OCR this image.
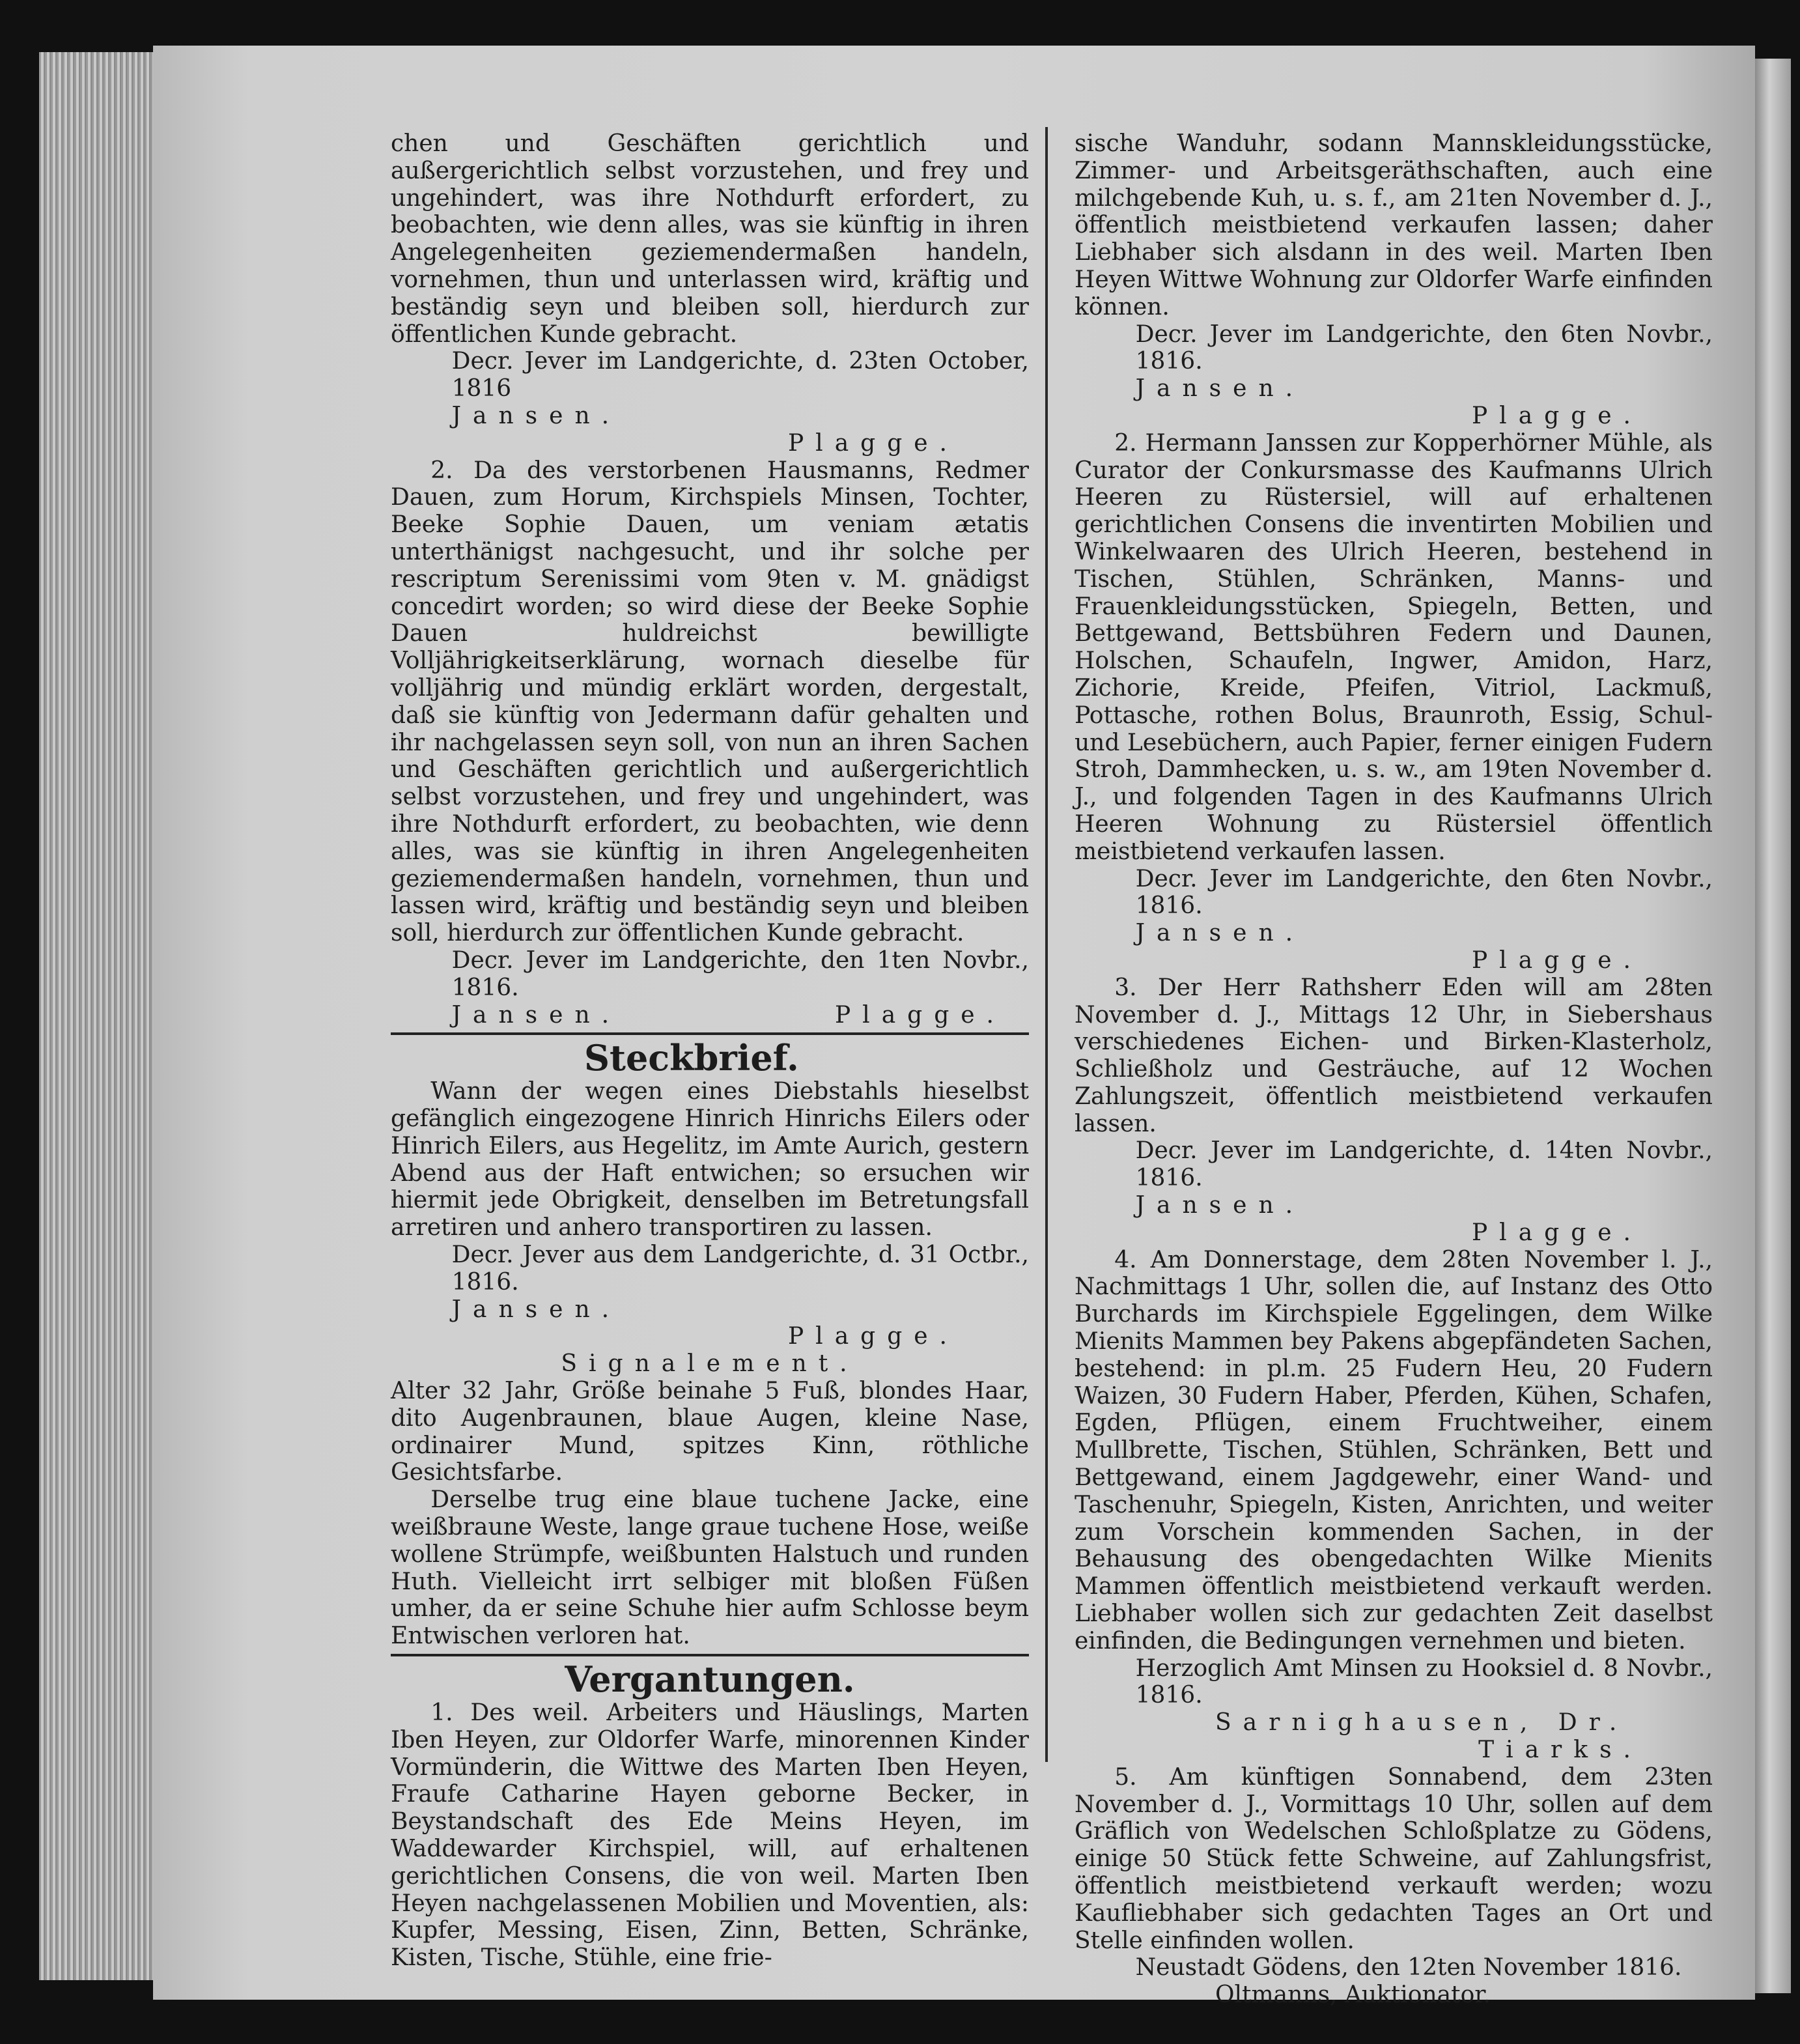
chen und Geschäften gerichtlich und außergerichtlich selbst vorzustehen, und frey und ungehindert, was ihre Nothdurft erfordert, zu beobachten, wie denn alles, was sie künftig in ihren Angelegenheiten geziemendermaßen handeln, vornehmen, thun und unterlassen wird, kräftig und beständig seyn und bleiben soll, hierdurch zur öffentlichen Kunde gebracht.

Decr. Jever im Landgerichte, d. 23ten October, 1816

Jansen.

Plagge.

2. Da des verstorbenen Hausmanns, Redmer Dauen, zum Horum, Kirchspiels Minsen, Tochter, Beeke Sophie Dauen, um veniam ætatis unterthänigst nachgesucht, und ihr solche per rescriptum Serenissimi vom 9ten v. M. gnädigst concedirt worden; so wird diese der Beeke Sophie Dauen huldreichst bewilligte Volljährigkeitserklärung, wornach dieselbe für volljährig und mündig erklärt worden, dergestalt, daß sie künftig von Jedermann dafür gehalten und ihr nachgelassen seyn soll, von nun an ihren Sachen und Geschäften gerichtlich und außergerichtlich selbst vorzustehen, und frey und ungehindert, was ihre Nothdurft erfordert, zu beobachten, wie denn alles, was sie künftig in ihren Angelegenheiten geziemendermaßen handeln, vornehmen, thun und lassen wird, kräftig und beständig seyn und bleiben soll, hierdurch zur öffentlichen Kunde gebracht.

Decr. Jever im Landgerichte, den 1ten Novbr., 1816.

Jansen.	Plagge.
Steckbrief.

Wann der wegen eines Diebstahls hieselbst gefänglich eingezogene Hinrich Hinrichs Eilers oder Hinrich Eilers, aus Hegelitz, im Amte Aurich, gestern Abend aus der Haft entwichen; so ersuchen wir hiermit jede Obrigkeit, denselben im Betretungsfall arretiren und anhero transportiren zu lassen.

Decr. Jever aus dem Landgerichte, d. 31 Octbr., 1816.

Jansen.

Plagge.

Signalement.

Alter 32 Jahr, Größe beinahe 5 Fuß, blondes Haar, dito Augenbraunen, blaue Augen, kleine Nase, ordinairer Mund, spitzes Kinn, röthliche Gesichtsfarbe.

Derselbe trug eine blaue tuchene Jacke, eine weißbraune Weste, lange graue tuchene Hose, weiße wollene Strümpfe, weißbunten Halstuch und runden Huth. Vielleicht irrt selbiger mit bloßen Füßen umher, da er seine Schuhe hier aufm Schlosse beym Entwischen verloren hat.

Vergantungen.

1. Des weil. Arbeiters und Häuslings, Marten Iben Heyen, zur Oldorfer Warfe, minorennen Kinder Vormünderin, die Wittwe des Marten Iben Heyen, Fraufe Catharine Hayen geborne Becker, in Beystandschaft des Ede Meins Heyen, im Waddewarder Kirchspiel, will, auf erhaltenen gerichtlichen Consens, die von weil. Marten Iben Heyen nachgelassenen Mobilien und Moventien, als: Kupfer, Messing, Eisen, Zinn, Betten, Schränke, Kisten, Tische, Stühle, eine frie-

sische Wanduhr, sodann Mannskleidungsstücke, Zimmer- und Arbeitsgeräthschaften, auch eine milchgebende Kuh, u. s. f., am 21ten November d. J., öffentlich meistbietend verkaufen lassen; daher Liebhaber sich alsdann in des weil. Marten Iben Heyen Wittwe Wohnung zur Oldorfer Warfe einfinden können.

Decr. Jever im Landgerichte, den 6ten Novbr., 1816.

Jansen.

Plagge.

2. Hermann Janssen zur Kopperhörner Mühle, als Curator der Conkursmasse des Kaufmanns Ulrich Heeren zu Rüstersiel, will auf erhaltenen gerichtlichen Consens die inventirten Mobilien und Winkelwaaren des Ulrich Heeren, bestehend in Tischen, Stühlen, Schränken, Manns- und Frauenkleidungsstücken, Spiegeln, Betten, und Bettgewand, Bettsbühren Federn und Daunen, Holschen, Schaufeln, Ingwer, Amidon, Harz, Zichorie, Kreide, Pfeifen, Vitriol, Lackmuß, Pottasche, rothen Bolus, Braunroth, Essig, Schul- und Lesebüchern, auch Papier, ferner einigen Fudern Stroh, Dammhecken, u. s. w., am 19ten November d. J., und folgenden Tagen in des Kaufmanns Ulrich Heeren Wohnung zu Rüstersiel öffentlich meistbietend verkaufen lassen.

Decr. Jever im Landgerichte, den 6ten Novbr., 1816.

Jansen.

Plagge.

3. Der Herr Rathsherr Eden will am 28ten November d. J., Mittags 12 Uhr, in Siebershaus verschiedenes Eichen- und Birken-Klasterholz, Schließholz und Gesträuche, auf 12 Wochen Zahlungszeit, öffentlich meistbietend verkaufen lassen.

Decr. Jever im Landgerichte, d. 14ten Novbr., 1816.

Jansen.

Plagge.

4. Am Donnerstage, dem 28ten November l. J., Nachmittags 1 Uhr, sollen die, auf Instanz des Otto Burchards im Kirchspiele Eggelingen, dem Wilke Mienits Mammen bey Pakens abgepfändeten Sachen, bestehend: in pl.m. 25 Fudern Heu, 20 Fudern Waizen, 30 Fudern Haber, Pferden, Kühen, Schafen, Egden, Pflügen, einem Fruchtweiher, einem Mullbrette, Tischen, Stühlen, Schränken, Bett und Bettgewand, einem Jagdgewehr, einer Wand- und Taschenuhr, Spiegeln, Kisten, Anrichten, und weiter zum Vorschein kommenden Sachen, in der Behausung des obengedachten Wilke Mienits Mammen öffentlich meistbietend verkauft werden. Liebhaber wollen sich zur gedachten Zeit daselbst einfinden, die Bedingungen vernehmen und bieten.

Herzoglich Amt Minsen zu Hooksiel d. 8 Novbr., 1816.

Sarnighausen, Dr.

Tiarks.

5. Am künftigen Sonnabend, dem 23ten November d. J., Vormittags 10 Uhr, sollen auf dem Gräflich von Wedelschen Schloßplatze zu Gödens, einige 50 Stück fette Schweine, auf Zahlungsfrist, öffentlich meistbietend verkauft werden; wozu Kaufliebhaber sich gedachten Tages an Ort und Stelle einfinden wollen.

Neustadt Gödens, den 12ten November 1816.

Oltmanns, Auktionator.
